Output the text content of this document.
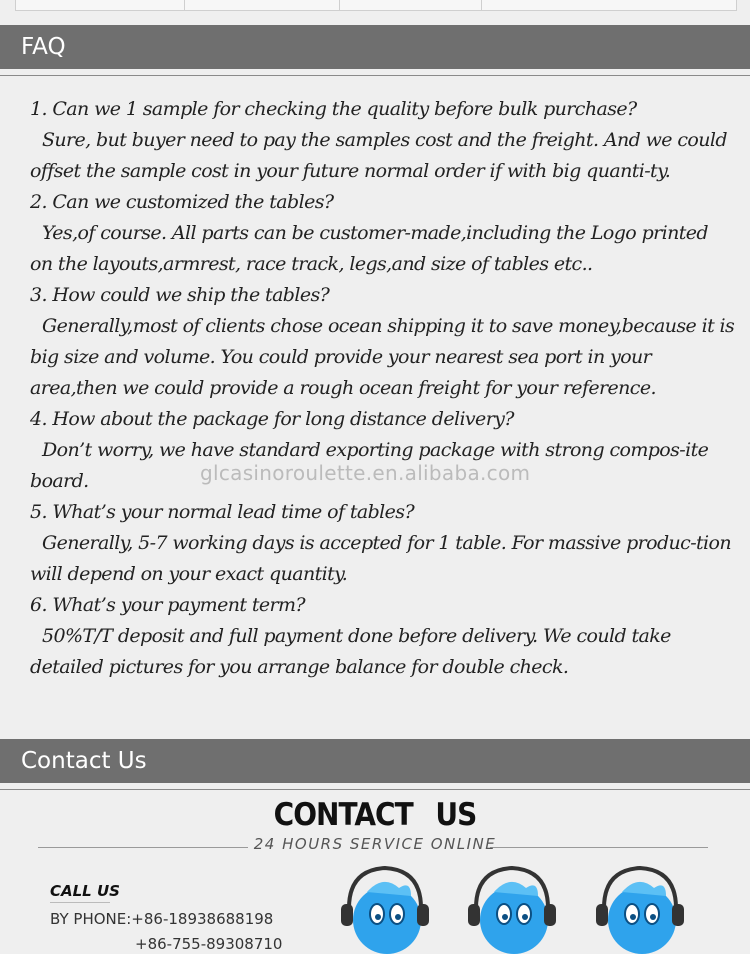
FAQ

1. Can we 1 sample for checking the quality before bulk purchase?

Sure, but buyer need to pay the samples cost and the freight. And we could offset the sample cost in your future normal order if with big quanti-ty.

2. Can we customized the tables?

Yes,of course. All parts can be customer-made,including the Logo printed on the layouts,armrest, race track, legs,and size of tables etc..

3. How could we ship the tables?

Generally,most of clients chose ocean shipping it to save money,because it is big size and volume. You could provide your nearest sea port in your area,then we could provide a rough ocean freight for your reference.

4. How about the package for long distance delivery?

Don’t worry, we have standard exporting package with strong compos-ite board.

5. What’s your normal lead time of tables?

Generally, 5-7 working days is accepted for 1 table. For massive produc-tion will depend on your exact quantity.

6. What’s your payment term?

50%T/T deposit and full payment done before delivery. We could take detailed pictures for you arrange balance for double check.

glcasinoroulette.en.alibaba.com
Contact Us
CONTACT US
24 HOURS SERVICE ONLINE
CALL US
BY PHONE:+86-18938688198
+86-755-89308710
